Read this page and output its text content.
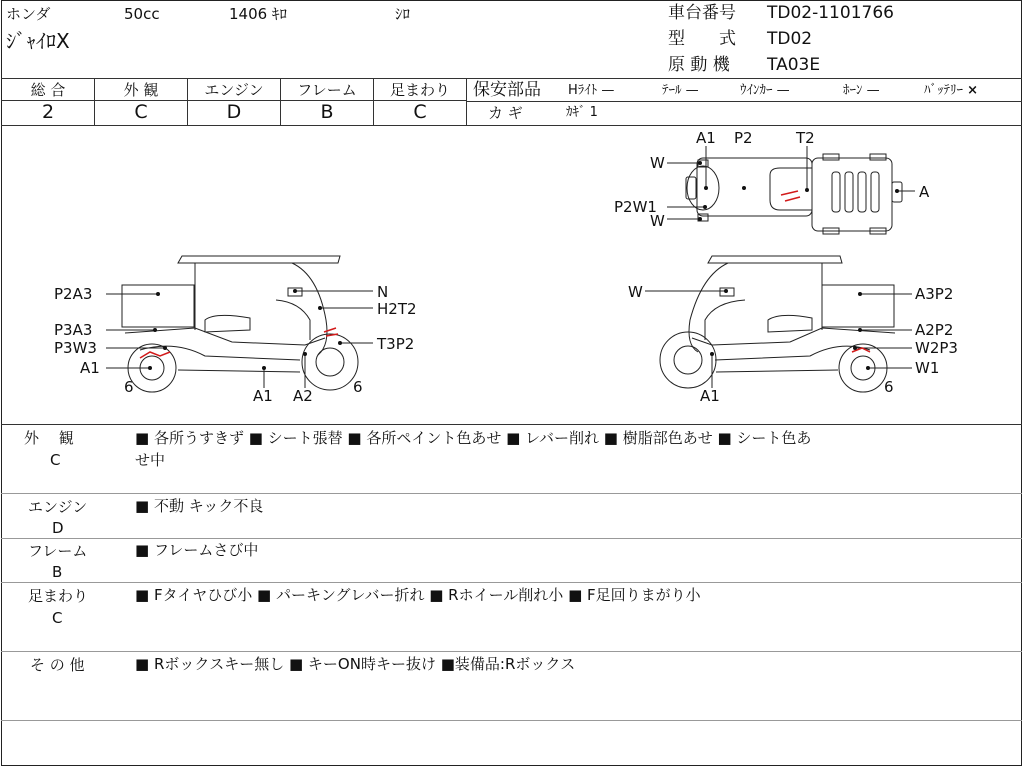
ホンダ	50cc	1406 ｷﾛ	ｼﾛ
ｼﾞｬｲﾛX
車台番号 TD02-1101766
型　　式 TD02
原 動 機 TA03E
総 合	外 観	エンジン	フレーム	足まわり
2	C	D	B	C
保安部品 Hﾗｲﾄ —	ﾃｰﾙ —	ｳｲﾝｶｰ —	ﾎｰﾝ —	ﾊﾞｯﾃﾘｰ ×
カ ギ	ｶｷﾞ 1
A1 P2	T2
W
P2W1
W
A
P2A3
P3A3
P3W3
A1
6
N
H2T2
T3P2
6
A1 A2
W	A3P2
A2P2
W2P3
W1
6
A1
外　 観
C
■ 各所うすきず ■ シート張替 ■ 各所ペイント色あせ ■ レバー削れ ■ 樹脂部色あせ ■ シート色あ
せ中
エンジン
D
■ 不動 キック不良
フレーム
B
■ フレームさび中
足まわり
C
■ Fタイヤひび小 ■ パーキングレバー折れ ■ Rホイール削れ小 ■ F足回りまがり小
そ の 他	■ Rボックスキー無し ■ キーON時キー抜け ■装備品:Rボックス
